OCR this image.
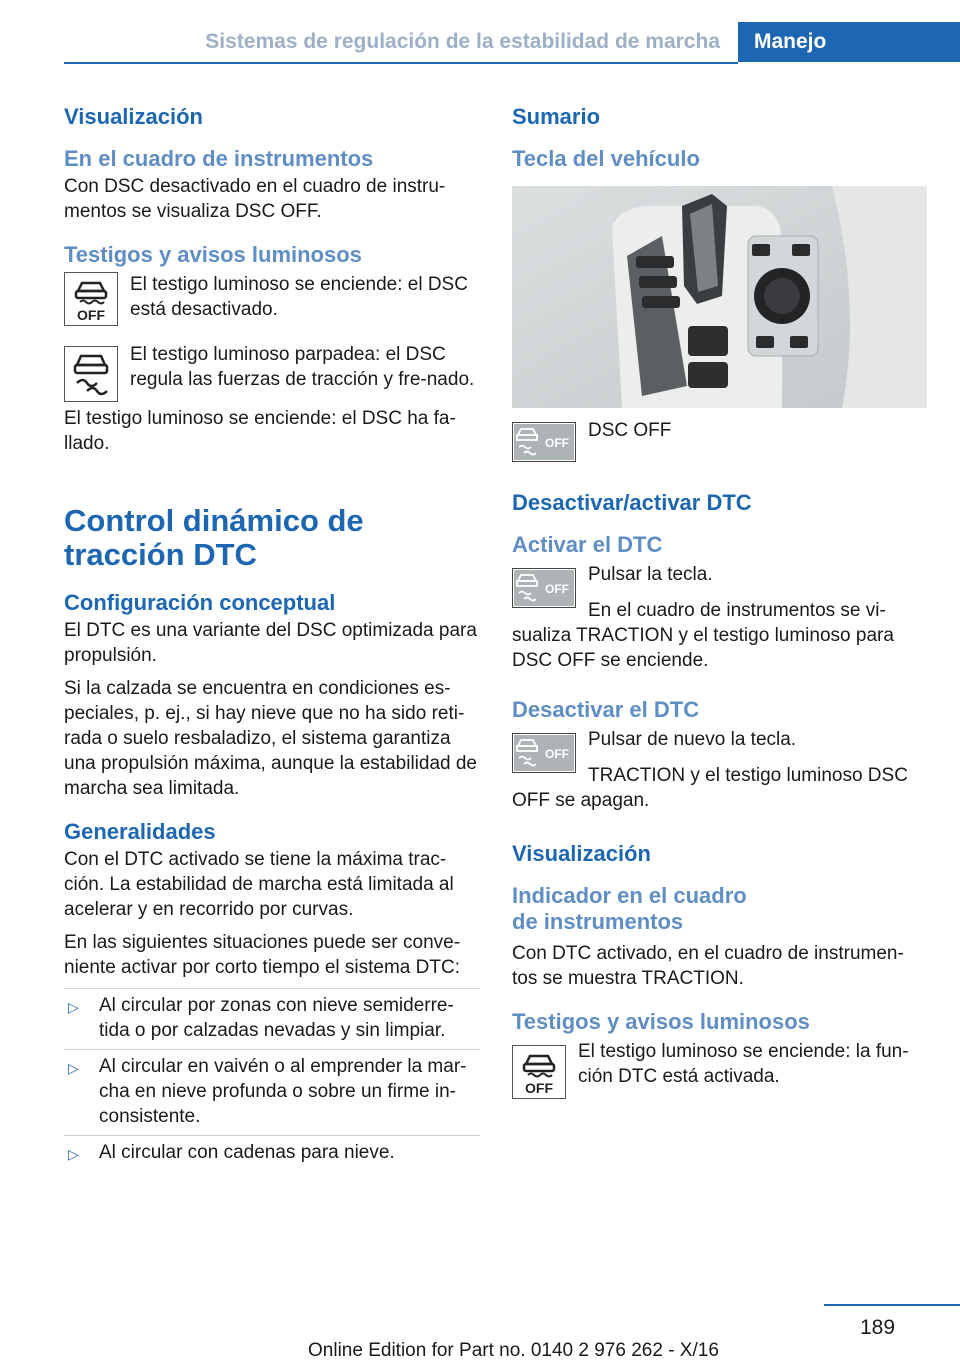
Sistemas de regulación de la estabilidad de marcha Manejo
Visualización
En el cuadro de instrumentos

Con DSC desactivado en el cuadro de instru-mentos se visualiza DSC OFF.

Testigos y avisos luminosos
OFF

El testigo luminoso se enciende: el DSC está desactivado.

El testigo luminoso parpadea: el DSC regula las fuerzas de tracción y fre-nado.

El testigo luminoso se enciende: el DSC ha fa-llado.

Control dinámico de tracción DTC
Configuración conceptual

El DTC es una variante del DSC optimizada para propulsión.

Si la calzada se encuentra en condiciones es-peciales, p. ej., si hay nieve que no ha sido reti-rada o suelo resbaladizo, el sistema garantiza una propulsión máxima, aunque la estabilidad de marcha sea limitada.

Generalidades

Con el DTC activado se tiene la máxima trac-ción. La estabilidad de marcha está limitada al acelerar y en recorrido por curvas.

En las siguientes situaciones puede ser conve-niente activar por corto tiempo el sistema DTC:

▷ Al circular por zonas con nieve semiderre-tida o por calzadas nevadas y sin limpiar.
▷ Al circular en vaivén o al emprender la mar-cha en nieve profunda o sobre un firme in-consistente.
▷ Al circular con cadenas para nieve.
Sumario
Tecla del vehículo
OFF

DSC OFF

Desactivar/activar DTC
Activar el DTC
OFF

Pulsar la tecla.

En el cuadro de instrumentos se vi-sualiza TRACTION y el testigo luminoso para DSC OFF se enciende.

Desactivar el DTC
OFF

Pulsar de nuevo la tecla.

TRACTION y el testigo luminoso DSC OFF se apagan.

Visualización
Indicador en el cuadro de instrumentos

Con DTC activado, en el cuadro de instrumen-tos se muestra TRACTION.

Testigos y avisos luminosos
OFF

El testigo luminoso se enciende: la fun-ción DTC está activada.

189
Online Edition for Part no. 0140 2 976 262 - X/16
